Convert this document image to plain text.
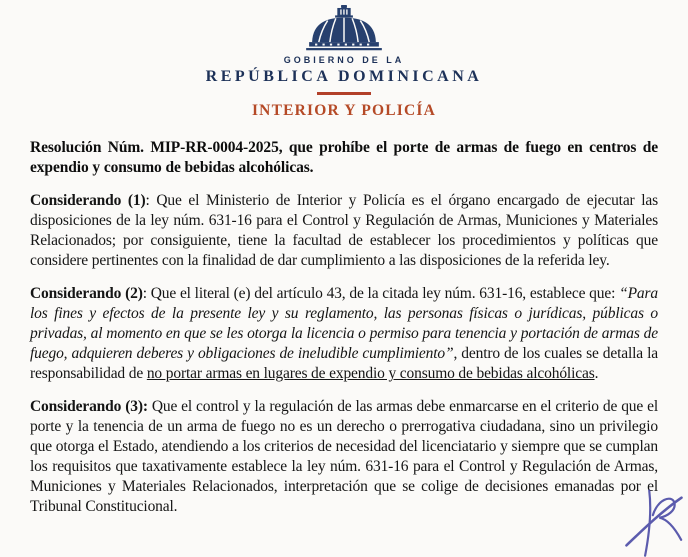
GOBIERNO DE LA
REPÚBLICA DOMINICANA
INTERIOR Y POLICÍA

Resolución Núm. MIP-RR-0004-2025, que prohíbe el porte de armas de fuego en centros de expendio y consumo de bebidas alcohólicas.

Considerando (1): Que el Ministerio de Interior y Policía es el órgano encargado de ejecutar las disposiciones de la ley núm. 631-16 para el Control y Regulación de Armas, Municiones y Materiales Relacionados; por consiguiente, tiene la facultad de establecer los procedimientos y políticas que considere pertinentes con la finalidad de dar cumplimiento a las disposiciones de la referida ley.

Considerando (2): Que el literal (e) del artículo 43, de la citada ley núm. 631-16, establece que: “Para los fines y efectos de la presente ley y su reglamento, las personas físicas o jurídicas, públicas o privadas, al momento en que se les otorga la licencia o permiso para tenencia y portación de armas de fuego, adquieren deberes y obligaciones de ineludible cumplimiento”, dentro de los cuales se detalla la responsabilidad de no portar armas en lugares de expendio y consumo de bebidas alcohólicas.

Considerando (3): Que el control y la regulación de las armas debe enmarcarse en el criterio de que el porte y la tenencia de un arma de fuego no es un derecho o prerrogativa ciudadana, sino un privilegio que otorga el Estado, atendiendo a los criterios de necesidad del licenciatario y siempre que se cumplan los requisitos que taxativamente establece la ley núm. 631-16 para el Control y Regulación de Armas, Municiones y Materiales Relacionados, interpretación que se colige de decisiones emanadas por el Tribunal Constitucional.
